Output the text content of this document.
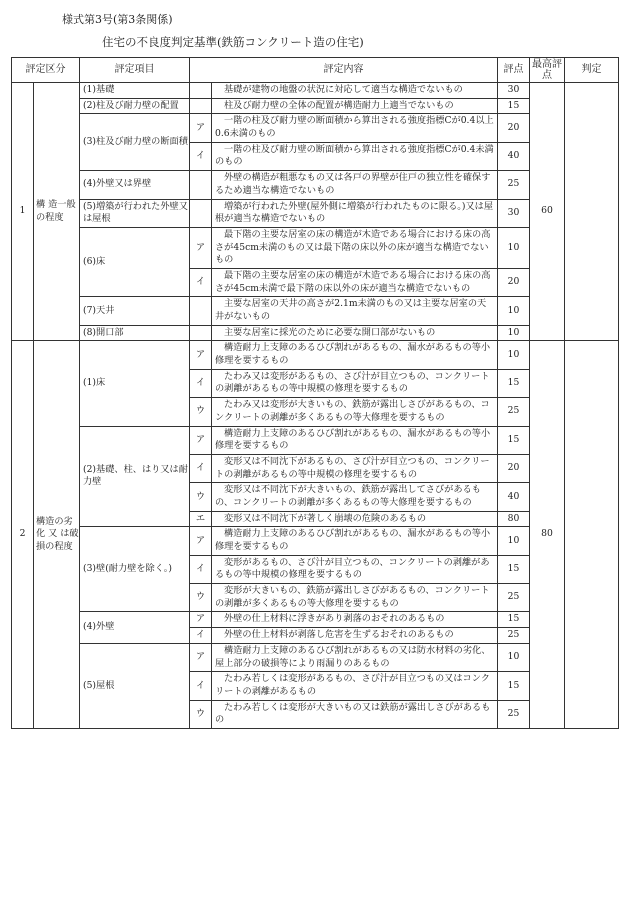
様式第3号(第3条関係)
住宅の不良度判定基準(鉄筋コンクリート造の住宅)
評定区分		評定項目	評定内容		評点	最高評点	判定
1	構 造一般の程度	(1)基礎		基礎が建物の地盤の状況に対応して適当な構造でないもの	30	60	
		(2)柱及び耐力壁の配置		柱及び耐力壁の全体の配置が構造耐力上適当でないもの	15		
		(3)柱及び耐力壁の断面積	ア	一階の柱及び耐力壁の断面積から算出される強度指標Cが0.4以上0.6未満のもの	20		
			イ	一階の柱及び耐力壁の断面積から算出される強度指標Cが0.4未満のもの	40		
		(4)外壁又は界壁		外壁の構造が粗悪なもの又は各戸の界壁が住戸の独立性を確保するため適当な構造でないもの	25		
		(5)増築が行われた外壁又は屋根		増築が行われた外壁(屋外側に増築が行われたものに限る。)又は屋根が適当な構造でないもの	30		
		(6)床	ア	最下階の主要な居室の床の構造が木造である場合における床の高さが45cm未満のもの又は最下階の床以外の床が適当な構造でないもの	10		
			イ	最下階の主要な居室の床の構造が木造である場合における床の高さが45cm未満で最下階の床以外の床が適当な構造でないもの	20		
		(7)天井		主要な居室の天井の高さが2.1m未満のもの又は主要な居室の天井がないもの	10		
		(8)開口部		主要な居室に採光のために必要な開口部がないもの	10		
2	構造の劣 化 又 は破損の程度	(1)床	ア	構造耐力上支障のあるひび割れがあるもの、漏水があるもの等小修理を要するもの	10	80	
			イ	たわみ又は変形があるもの、さび汁が目立つもの、コンクリートの剥離があるもの等中規模の修理を要するもの	15		
			ウ	たわみ又は変形が大きいもの、鉄筋が露出しさびがあるもの、コンクリートの剥離が多くあるもの等大修理を要するもの	25		
		(2)基礎、柱、はり又は耐力壁	ア	構造耐力上支障のあるひび割れがあるもの、漏水があるもの等小修理を要するもの	15		
			イ	変形又は不同沈下があるもの、さび汁が目立つもの、コンクリートの剥離があるもの等中規模の修理を要するもの	20		
			ウ	変形又は不同沈下が大きいもの、鉄筋が露出してさびがあるもの、コンクリートの剥離が多くあるもの等大修理を要するもの	40		
			エ	変形又は不同沈下が著しく崩壊の危険のあるもの	80		
		(3)壁(耐力壁を除く。)	ア	構造耐力上支障のあるひび割れがあるもの、漏水があるもの等小修理を要するもの	10		
			イ	変形があるもの、さび汁が目立つもの、コンクリートの剥離があるもの等中規模の修理を要するもの	15		
			ウ	変形が大きいもの、鉄筋が露出しさびがあるもの、コンクリートの剥離が多くあるもの等大修理を要するもの	25		
		(4)外壁	ア	外壁の仕上材料に浮きがあり剥落のおそれのあるもの	15		
			イ	外壁の仕上材料が剥落し危害を生ずるおそれのあるもの	25		
		(5)屋根	ア	構造耐力上支障のあるひび割れがあるもの又は防水材料の劣化、屋上部分の破損等により雨漏りのあるもの	10		
			イ	たわみ若しくは変形があるもの、さび汁が目立つもの又はコンクリートの剥離があるもの	15		
			ウ	たわみ若しくは変形が大きいもの又は鉄筋が露出しさびがあるもの	25		
